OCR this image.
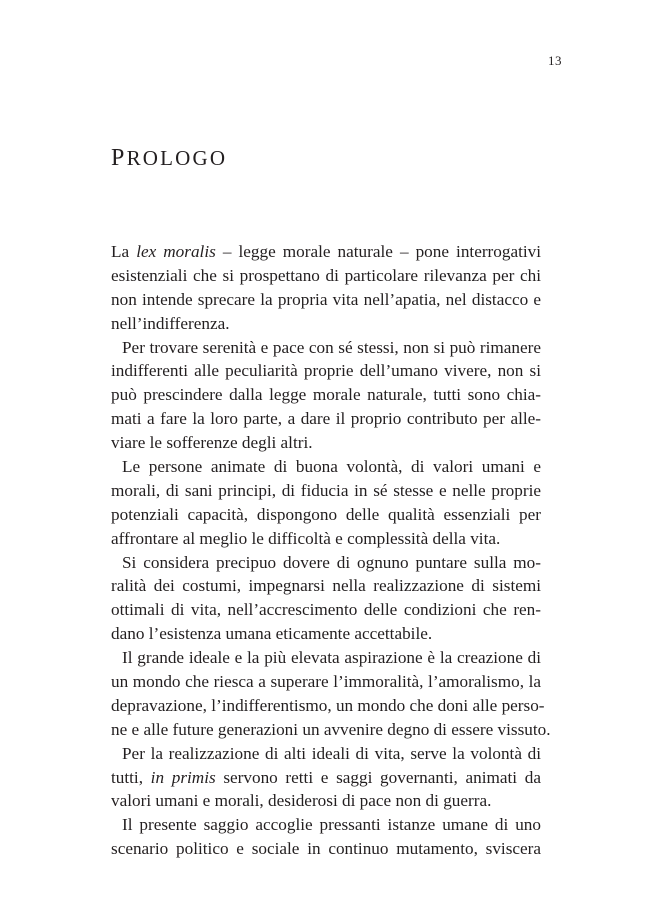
13
PROLOGO
La lex moralis – legge morale naturale – pone interrogativi
esistenziali che si prospettano di particolare rilevanza per chi
non intende sprecare la propria vita nell’apatia, nel distacco e
nell’indifferenza.
Per trovare serenità e pace con sé stessi, non si può rimanere
indifferenti alle peculiarità proprie dell’umano vivere, non si
può prescindere dalla legge morale naturale, tutti sono chia-
mati a fare la loro parte, a dare il proprio contributo per alle-
viare le sofferenze degli altri.
Le persone animate di buona volontà, di valori umani e
morali, di sani principi, di fiducia in sé stesse e nelle proprie
potenziali capacità, dispongono delle qualità essenziali per
affrontare al meglio le difficoltà e complessità della vita.
Si considera precipuo dovere di ognuno puntare sulla mo-
ralità dei costumi, impegnarsi nella realizzazione di sistemi
ottimali di vita, nell’accrescimento delle condizioni che ren-
dano l’esistenza umana eticamente accettabile.
Il grande ideale e la più elevata aspirazione è la creazione di
un mondo che riesca a superare l’immoralità, l’amoralismo, la
depravazione, l’indifferentismo, un mondo che doni alle perso-
ne e alle future generazioni un avvenire degno di essere vissuto.
Per la realizzazione di alti ideali di vita, serve la volontà di
tutti, in primis servono retti e saggi governanti, animati da
valori umani e morali, desiderosi di pace non di guerra.
Il presente saggio accoglie pressanti istanze umane di uno
scenario politico e sociale in continuo mutamento, sviscera
